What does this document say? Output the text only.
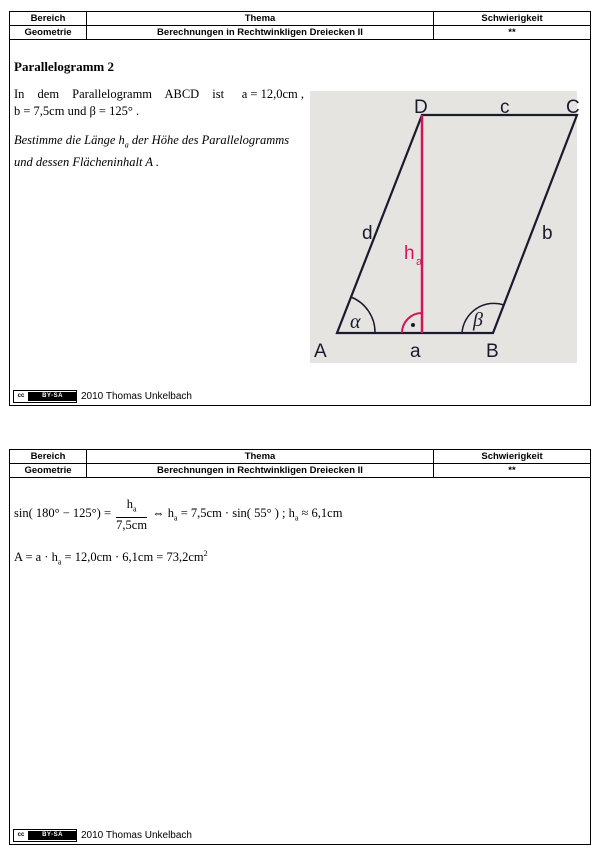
Bereich	Thema	Schwierigkeit
Geometrie	Berechnungen in Rechtwinkligen Dreiecken II	**
Parallelogramm 2
In dem Parallelogramm ABCD ist a = 12,0cm ,
b = 7,5cm und β = 125° .
Bestimme die Länge $h_a$ der Höhe des Parallelogramms und dessen Flächeninhalt A .
A	B
C
D
a
b
c
d
h a
α	β
cc	BY-SA	2010 Thomas Unkelbach
Bereich	Thema	Schwierigkeit
Geometrie	Berechnungen in Rechtwinkligen Dreiecken II	**
sin( $180^\circ - 125^\circ) = \frac{h_a}{7,5cm}$ ⇔ $h_a = 7,5cm \cdot \sin$( 55° ) ; $h_a \approx 6,1cm$
$A = a \cdot h_a = 12,0cm \cdot 6,1cm = 73,2cm^2$
cc	BY-SA	2010 Thomas Unkelbach
